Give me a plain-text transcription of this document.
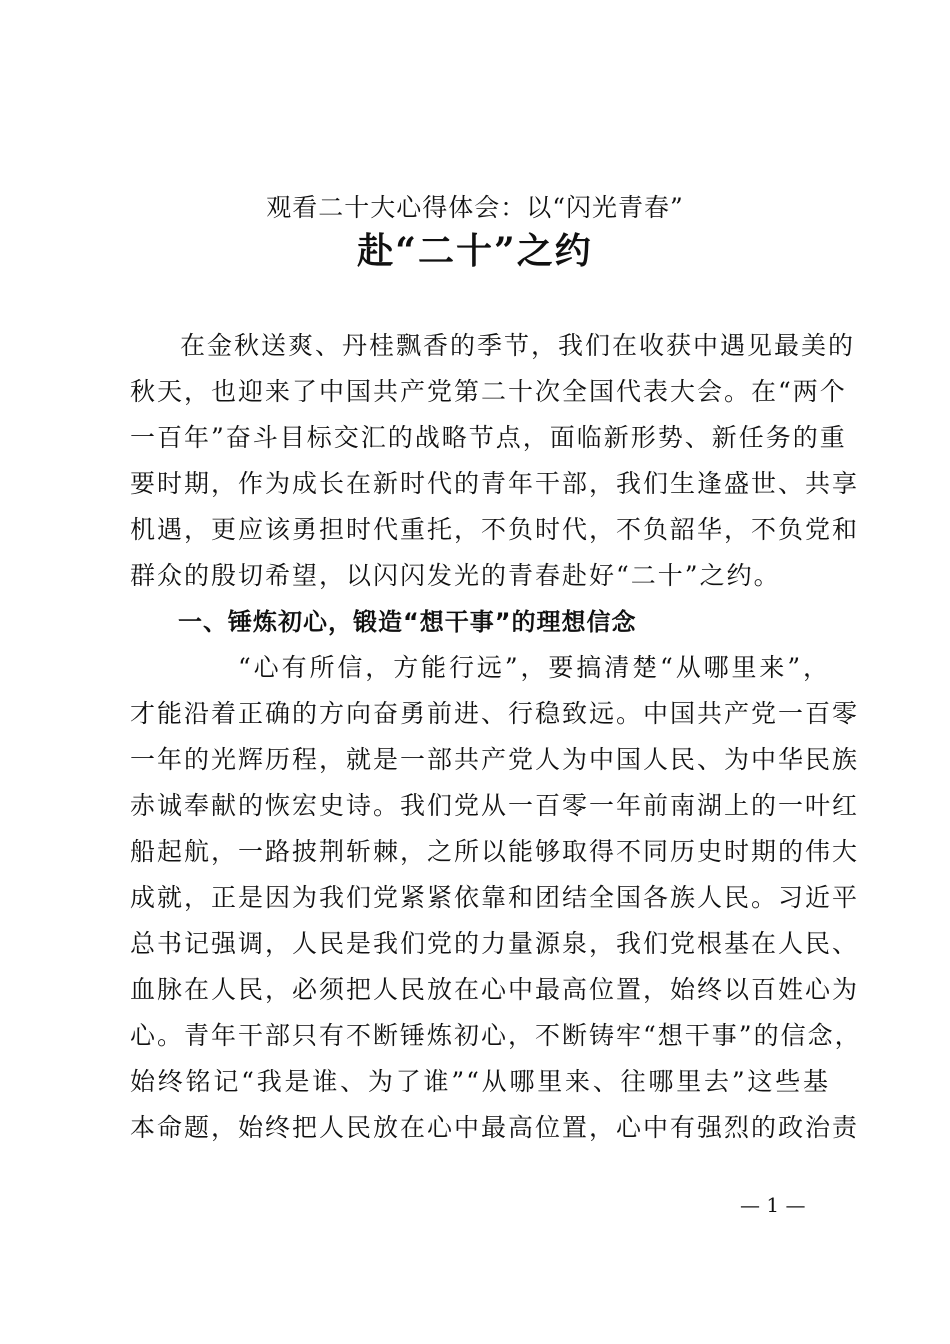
观看二十大心得体会：以“闪光青春”
赴“二十”之约
在金秋送爽、丹桂飘香的季节，我们在收获中遇见最美的
秋天，也迎来了中国共产党第二十次全国代表大会。在“两个
一百年”奋斗目标交汇的战略节点，面临新形势、新任务的重
要时期，作为成长在新时代的青年干部，我们生逢盛世、共享
机遇，更应该勇担时代重托，不负时代，不负韶华，不负党和
群众的殷切希望，以闪闪发光的青春赴好“二十”之约。
一、锤炼初心，锻造“想干事”的理想信念
“心有所信，方能行远”，要搞清楚“从哪里来”，
才能沿着正确的方向奋勇前进、行稳致远。中国共产党一百零
一年的光辉历程，就是一部共产党人为中国人民、为中华民族
赤诚奉献的恢宏史诗。我们党从一百零一年前南湖上的一叶红
船起航，一路披荆斩棘，之所以能够取得不同历史时期的伟大
成就，正是因为我们党紧紧依靠和团结全国各族人民。习近平
总书记强调，人民是我们党的力量源泉，我们党根基在人民、
血脉在人民，必须把人民放在心中最高位置，始终以百姓心为
心。青年干部只有不断锤炼初心，不断铸牢“想干事”的信念，
始终铭记“我是谁、为了谁”“从哪里来、往哪里去”这些基
本命题，始终把人民放在心中最高位置，心中有强烈的政治责
— 1 —
